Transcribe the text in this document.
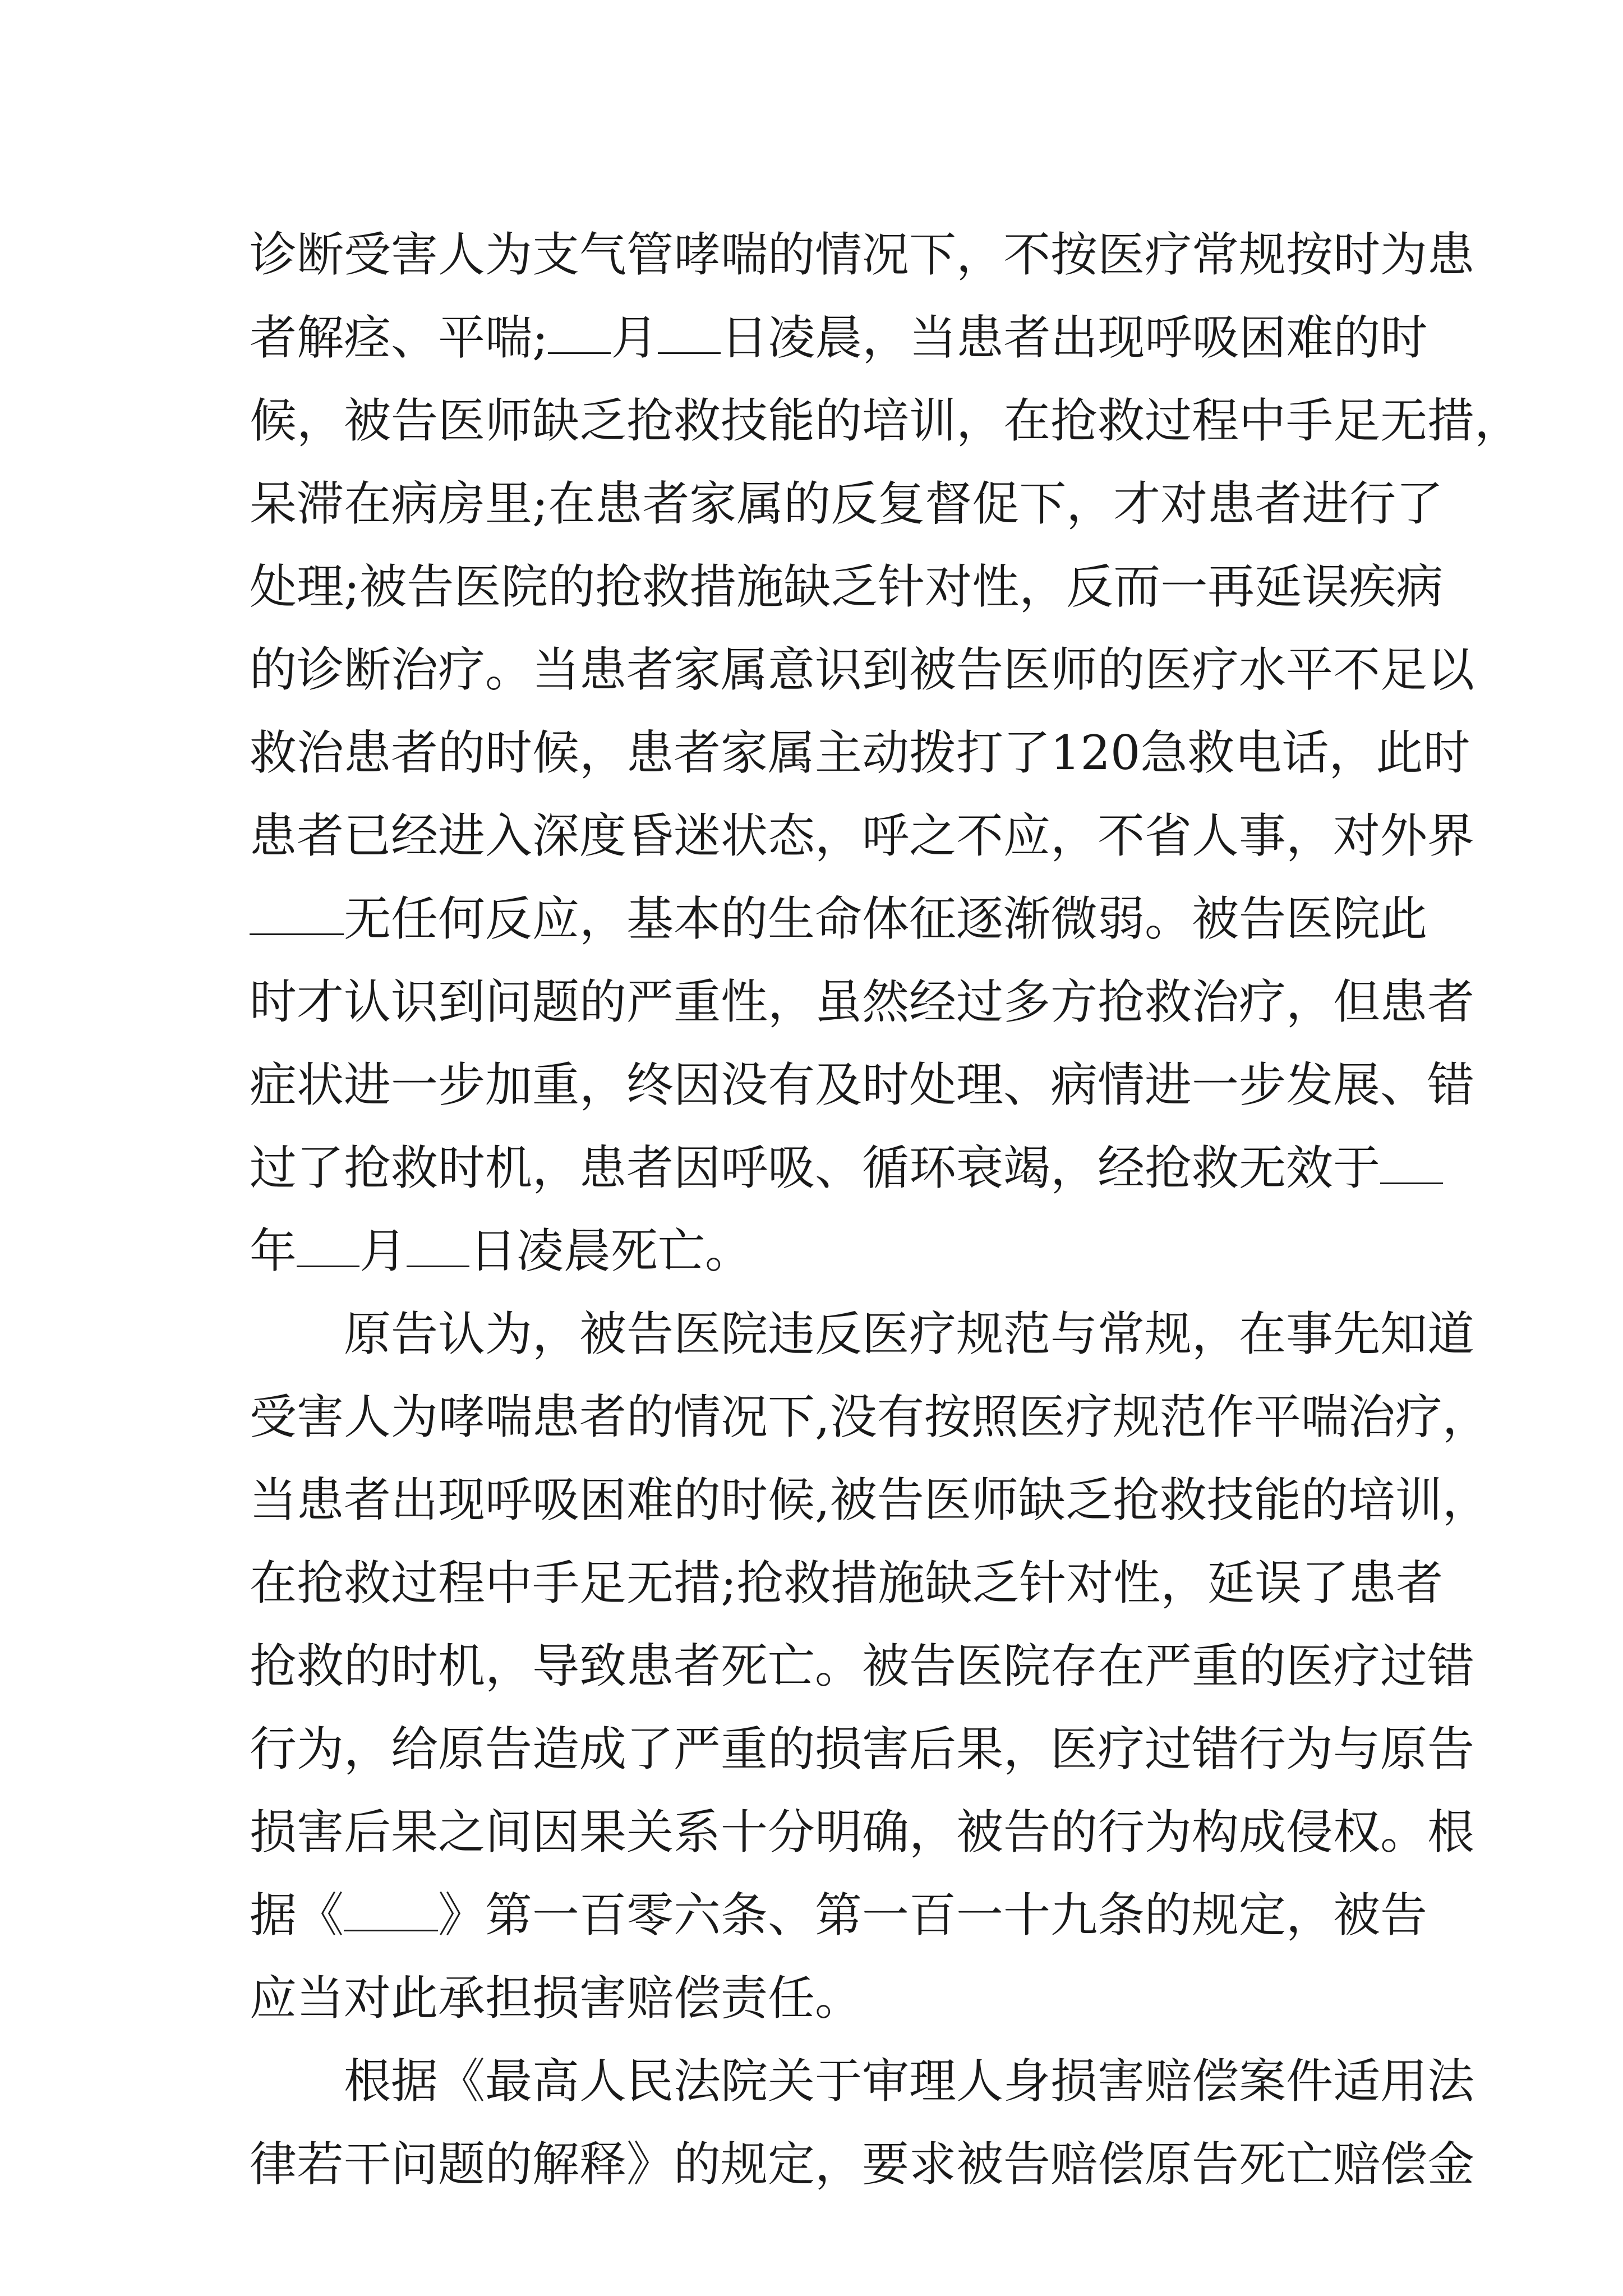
诊断受害人为支气管哮喘的情况下，不按医疗常规按时为患
者解痉、平喘; 月 日凌晨，当患者出现呼吸困难的时
候，被告医师缺乏抢救技能的培训，在抢救过程中手足无措，
呆滞在病房里;在患者家属的反复督促下，才对患者进行了
处理;被告医院的抢救措施缺乏针对性，反而一再延误疾病
的诊断治疗。当患者家属意识到被告医师的医疗水平不足以
救治患者的时候，患者家属主动拨打了120急救电话，此时
患者已经进入深度昏迷状态，呼之不应，不省人事，对外界
无任何反应，基本的生命体征逐渐微弱。被告医院此
时才认识到问题的严重性，虽然经过多方抢救治疗，但患者
症状进一步加重，终因没有及时处理、病情进一步发展、错
过了抢救时机，患者因呼吸、循环衰竭，经抢救无效于
年 月 日凌晨死亡。
原告认为，被告医院违反医疗规范与常规，在事先知道
受害人为哮喘患者的情况下,没有按照医疗规范作平喘治疗，
当患者出现呼吸困难的时候,被告医师缺乏抢救技能的培训，
在抢救过程中手足无措;抢救措施缺乏针对性，延误了患者
抢救的时机，导致患者死亡。被告医院存在严重的医疗过错
行为，给原告造成了严重的损害后果，医疗过错行为与原告
损害后果之间因果关系十分明确，被告的行为构成侵权。根
据《 》第一百零六条、第一百一十九条的规定，被告
应当对此承担损害赔偿责任。
根据《最高人民法院关于审理人身损害赔偿案件适用法
律若干问题的解释》的规定，要求被告赔偿原告死亡赔偿金
